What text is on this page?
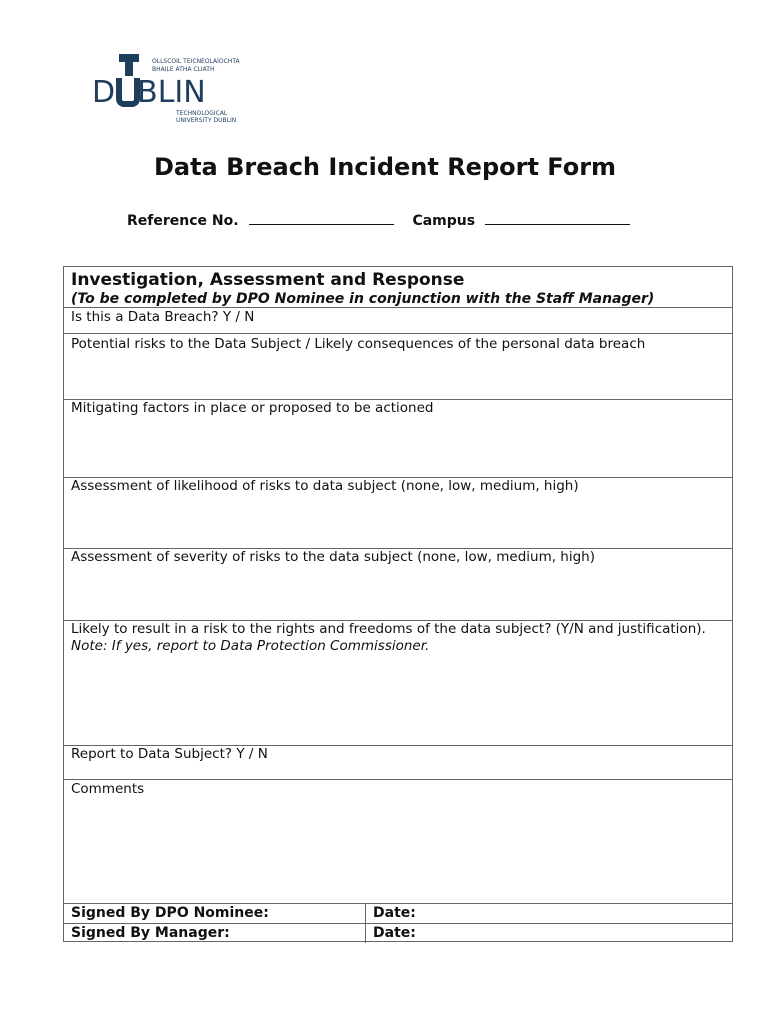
D BLIN
OLLSCOIL TEICNEOLAÍOCHTA
BHAILE ÁTHA CLIATH
TECHNOLOGICAL
UNIVERSITY DUBLIN
Data Breach Incident Report Form
Reference No.	Campus
Investigation, Assessment and Response
(To be completed by DPO Nominee in conjunction with the Staff Manager)
Is this a Data Breach? Y / N
Potential risks to the Data Subject / Likely consequences of the personal data breach
Mitigating factors in place or proposed to be actioned
Assessment of likelihood of risks to data subject (none, low, medium, high)
Assessment of severity of risks to the data subject (none, low, medium, high)
Likely to result in a risk to the rights and freedoms of the data subject? (Y/N and justification).
Note: If yes, report to Data Protection Commissioner.
Report to Data Subject? Y / N
Comments
Signed By DPO Nominee:	Date:
Signed By Manager:	Date:
